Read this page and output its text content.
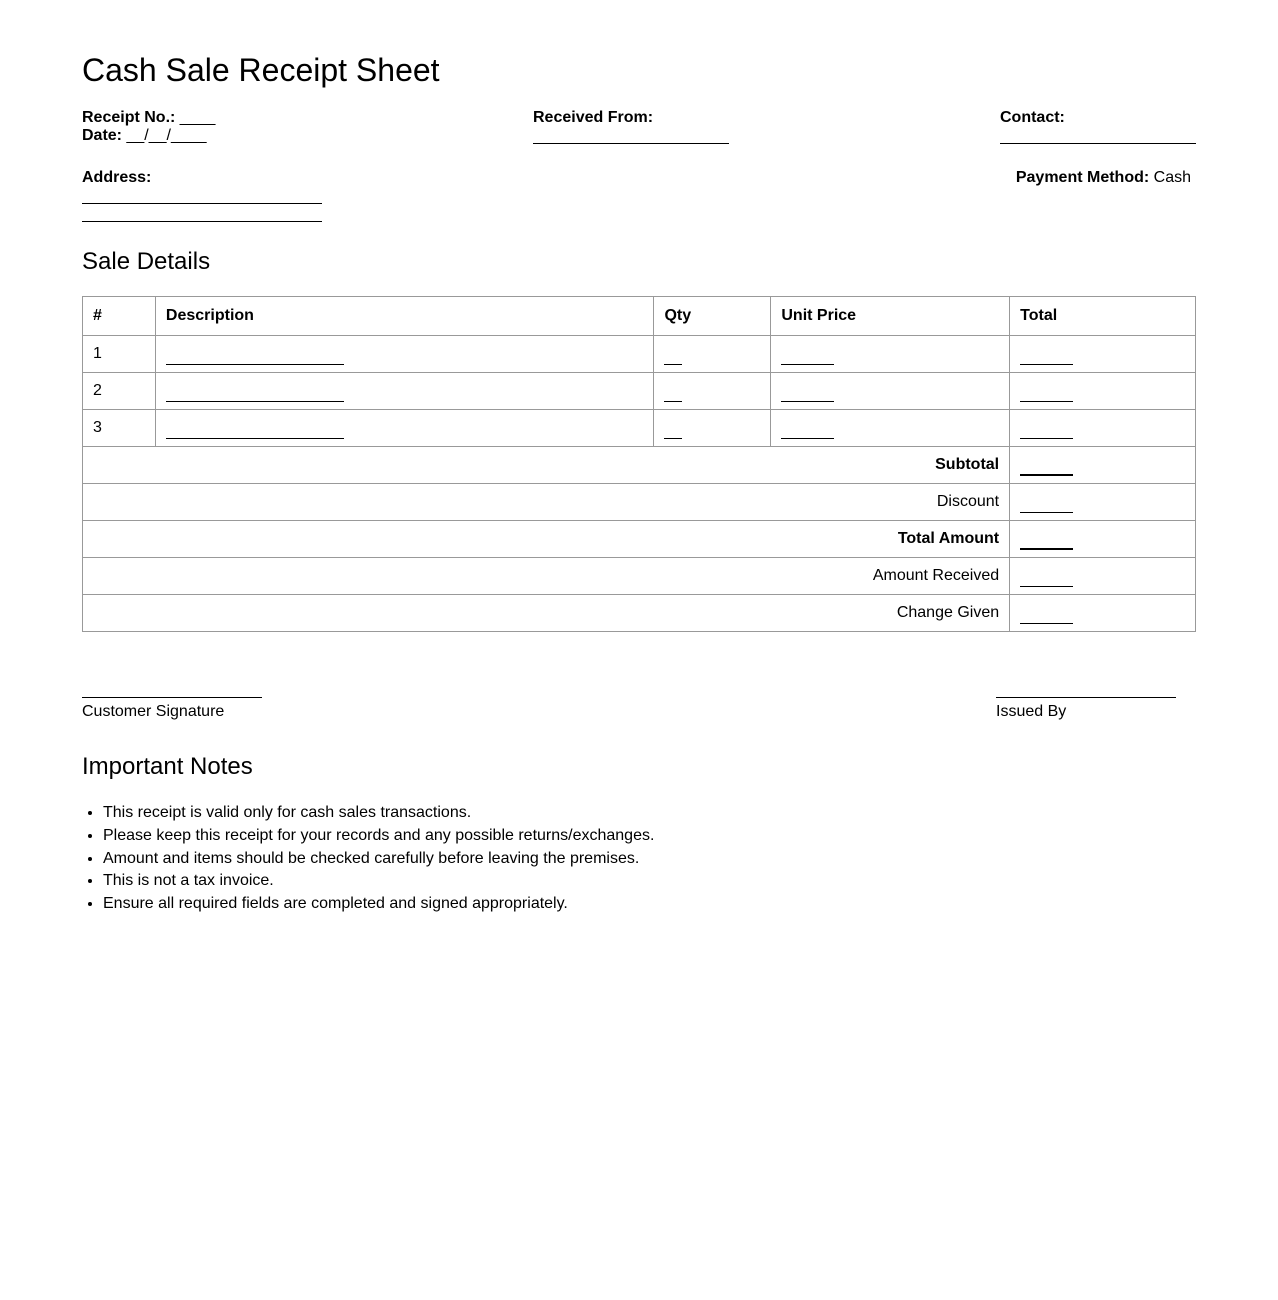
Cash Sale Receipt Sheet
Receipt No.: ____
Date: __/__/____
Received From:	Contact:
Address:	Payment Method: Cash
Sale Details
#	Description	Qty	Unit Price	Total
1				
2				
3				
Subtotal				
Discount				
Total Amount				
Amount Received				
Change Given				
Customer Signature	Issued By
Important Notes
• This receipt is valid only for cash sales transactions.
• Please keep this receipt for your records and any possible returns/exchanges.
• Amount and items should be checked carefully before leaving the premises.
• This is not a tax invoice.
• Ensure all required fields are completed and signed appropriately.
